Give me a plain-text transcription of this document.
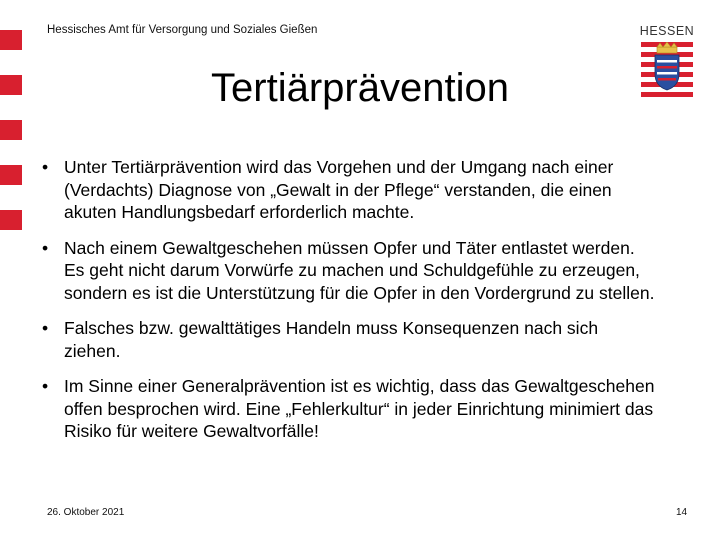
Hessisches Amt für Versorgung und Soziales Gießen	HESSEN
Tertiärprävention
• Unter Tertiärprävention wird das Vorgehen und der Umgang nach einer (Verdachts) Diagnose von „Gewalt in der Pflege“ verstanden, die einen akuten Handlungsbedarf erforderlich machte.
• Nach einem Gewaltgeschehen müssen Opfer und Täter entlastet werden. Es geht nicht darum Vorwürfe zu machen und Schuldgefühle zu erzeugen, sondern es ist die Unterstützung für die Opfer in den Vordergrund zu stellen.
• Falsches bzw. gewalttätiges Handeln muss Konsequenzen nach sich ziehen.
• Im Sinne einer Generalprävention ist es wichtig, dass das Gewaltgeschehen offen besprochen wird. Eine „Fehlerkultur“ in jeder Einrichtung minimiert das Risiko für weitere Gewaltvorfälle!
26. Oktober 2021	14
